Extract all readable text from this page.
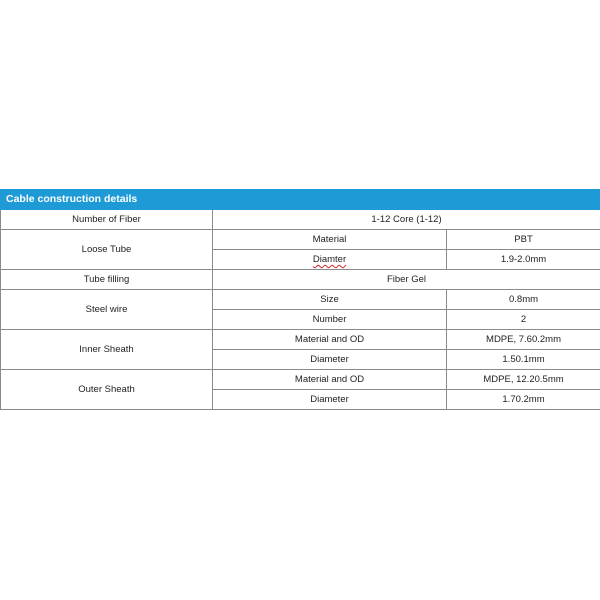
Cable construction details		
Number of Fiber	1-12 Core (1-12)	
Loose Tube	Material	PBT
	Diamter	1.9-2.0mm
Tube filling	Fiber Gel	
Steel wire	Size	0.8mm
	Number	2
Inner Sheath	Material and OD	MDPE, 7.60.2mm
	Diameter	1.50.1mm
Outer Sheath	Material and OD	MDPE, 12.20.5mm
	Diameter	1.70.2mm
